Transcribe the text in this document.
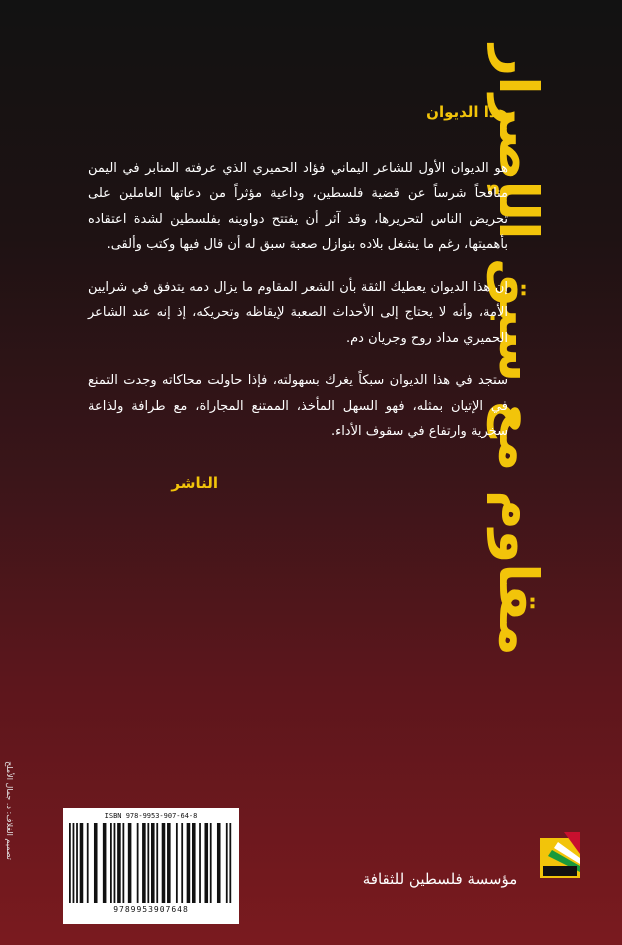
مقاوم مع سبق الإصرار
هذا الديوان

هو الديوان الأول للشاعر اليماني فؤاد الحميري الذي عرفته المنابر في اليمن منافحاً شرساً عن قضية فلسطين، وداعية مؤثراً من دعاتها العاملين على تحريض الناس لتحريرها، وقد آثر أن يفتتح دواوينه بفلسطين لشدة اعتقاده بأهميتها، رغم ما يشغل بلاده بنوازل صعبة سبق له أن قال فيها وكتب وألقى.

إن هذا الديوان يعطيك الثقة بأن الشعر المقاوم ما يزال دمه يتدفق في شرايين الأمة، وأنه لا يحتاج إلى الأحداث الصعبة لإيقاظه وتحريكه، إذ إنه عند الشاعر الحميري مداد روح وجريان دم.

ستجد في هذا الديوان سبكاً يغرك بسهولته، فإذا حاولت محاكاته وجدت التمنع في الإتيان بمثله، فهو السهل المأخذ، الممتنع المجاراة، مع طرافة ولذاعة سخرية وارتفاع في سقوف الأداء.

الناشر
تصميم الغلاف: د. جمال الأملح	ISBN 978-9953-907-64-8
9789953907648
مؤسسة فلسطين للثقافة
